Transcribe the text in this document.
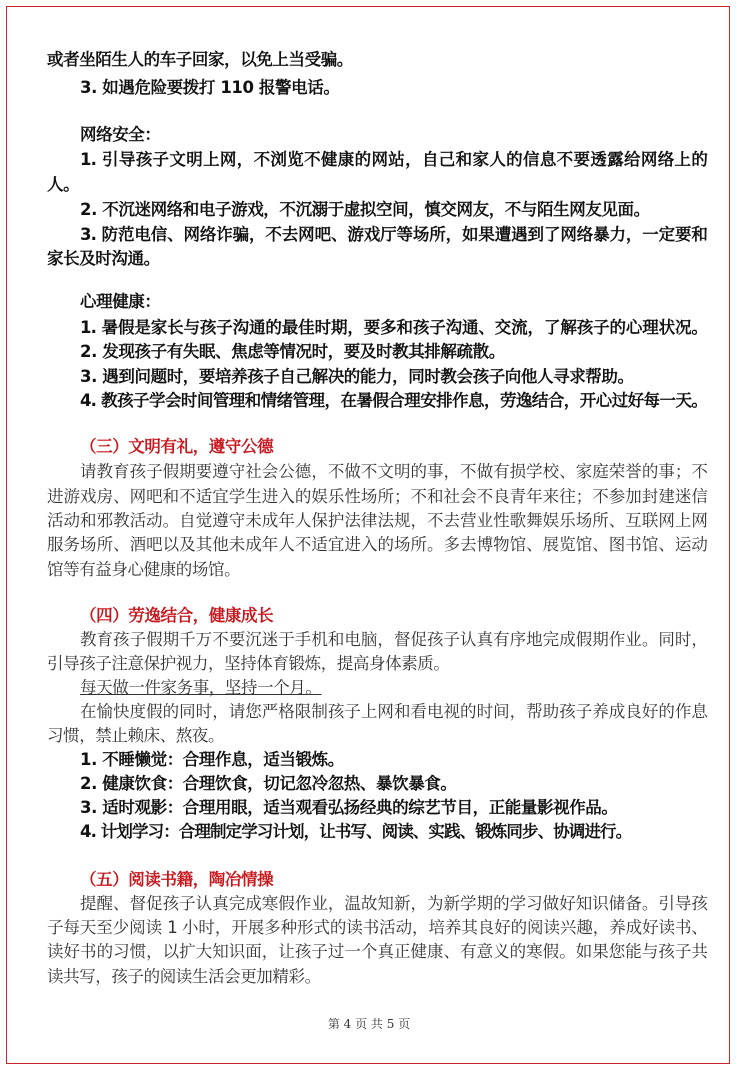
或者坐陌生人的车子回家，以免上当受骗。
3. 如遇危险要拨打 110 报警电话。
网络安全：
1. 引导孩子文明上网，不浏览不健康的网站，自己和家人的信息不要透露给网络上的
人。
2. 不沉迷网络和电子游戏，不沉溺于虚拟空间，慎交网友，不与陌生网友见面。
3. 防范电信、网络诈骗，不去网吧、游戏厅等场所，如果遭遇到了网络暴力，一定要和
家长及时沟通。
心理健康：
1. 暑假是家长与孩子沟通的最佳时期，要多和孩子沟通、交流，了解孩子的心理状况。
2. 发现孩子有失眠、焦虑等情况时，要及时教其排解疏散。
3. 遇到问题时，要培养孩子自己解决的能力，同时教会孩子向他人寻求帮助。
4. 教孩子学会时间管理和情绪管理，在暑假合理安排作息，劳逸结合，开心过好每一天。
（三）文明有礼，遵守公德
请教育孩子假期要遵守社会公德，不做不文明的事，不做有损学校、家庭荣誉的事；不
进游戏房、网吧和不适宜学生进入的娱乐性场所；不和社会不良青年来往；不参加封建迷信
活动和邪教活动。自觉遵守未成年人保护法律法规，不去营业性歌舞娱乐场所、互联网上网
服务场所、酒吧以及其他未成年人不适宜进入的场所。多去博物馆、展览馆、图书馆、运动
馆等有益身心健康的场馆。
（四）劳逸结合，健康成长
教育孩子假期千万不要沉迷于手机和电脑，督促孩子认真有序地完成假期作业。同时，
引导孩子注意保护视力，坚持体育锻炼，提高身体素质。
每天做一件家务事，坚持一个月。
在愉快度假的同时，请您严格限制孩子上网和看电视的时间，帮助孩子养成良好的作息
习惯，禁止赖床、熬夜。
1. 不睡懒觉：合理作息，适当锻炼。
2. 健康饮食：合理饮食，切记忽冷忽热、暴饮暴食。
3. 适时观影：合理用眼，适当观看弘扬经典的综艺节目，正能量影视作品。
4. 计划学习：合理制定学习计划，让书写、阅读、实践、锻炼同步、协调进行。
（五）阅读书籍，陶冶情操
提醒、督促孩子认真完成寒假作业，温故知新，为新学期的学习做好知识储备。引导孩
子每天至少阅读 1 小时，开展多种形式的读书活动，培养其良好的阅读兴趣，养成好读书、
读好书的习惯，以扩大知识面，让孩子过一个真正健康、有意义的寒假。如果您能与孩子共
读共写，孩子的阅读生活会更加精彩。
第 4 页 共 5 页
